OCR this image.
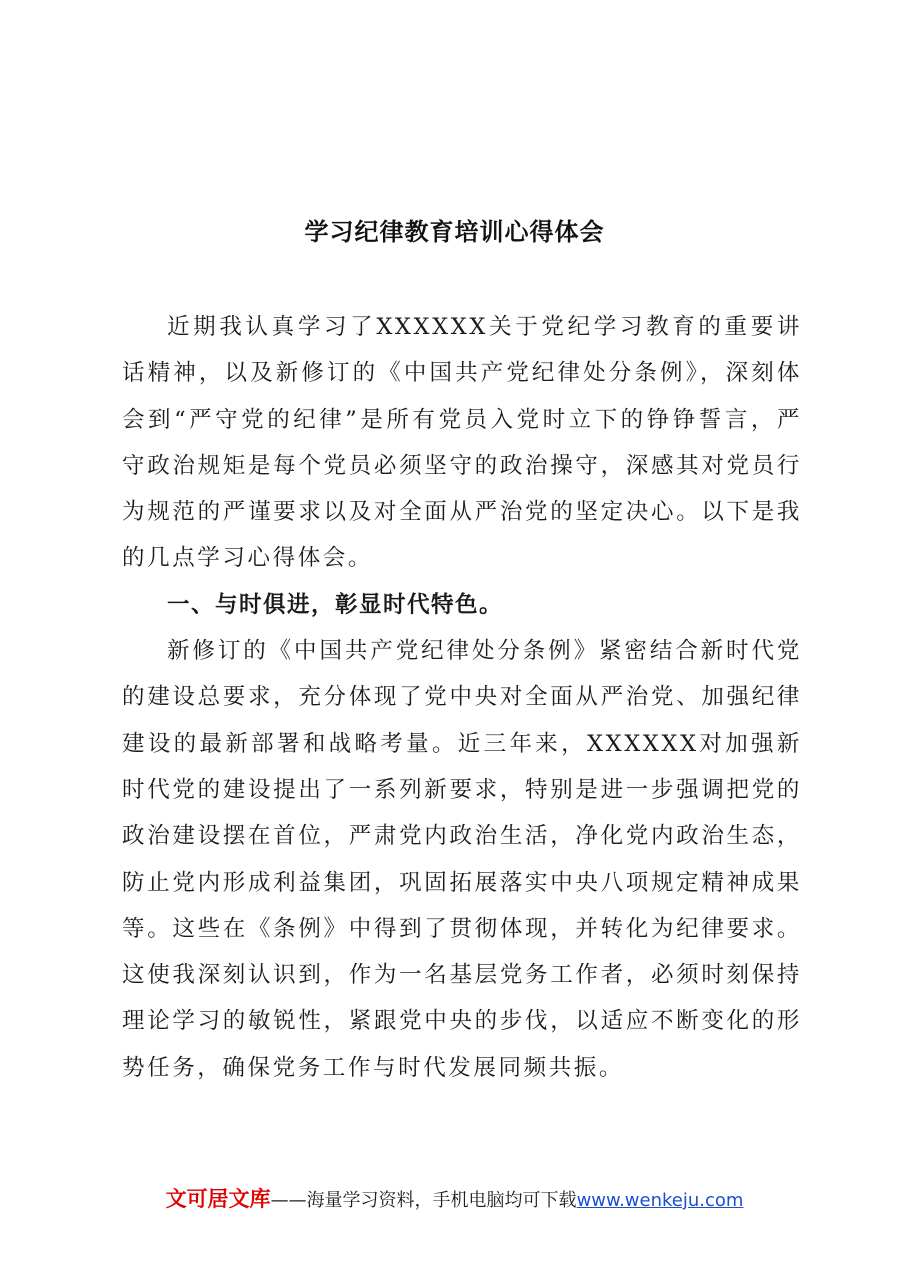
学习纪律教育培训心得体会

近期我认真学习了XXXXXX关于党纪学习教育的重要讲话精神，以及新修订的《中国共产党纪律处分条例》，深刻体会到“严守党的纪律”是所有党员入党时立下的铮铮誓言，严守政治规矩是每个党员必须坚守的政治操守，深感其对党员行为规范的严谨要求以及对全面从严治党的坚定决心。以下是我的几点学习心得体会。

一、与时俱进，彰显时代特色。

新修订的《中国共产党纪律处分条例》紧密结合新时代党的建设总要求，充分体现了党中央对全面从严治党、加强纪律建设的最新部署和战略考量。近三年来，XXXXXX对加强新时代党的建设提出了一系列新要求，特别是进一步强调把党的政治建设摆在首位，严肃党内政治生活，净化党内政治生态，防止党内形成利益集团，巩固拓展落实中央八项规定精神成果等。这些在《条例》中得到了贯彻体现，并转化为纪律要求。这使我深刻认识到，作为一名基层党务工作者，必须时刻保持理论学习的敏锐性，紧跟党中央的步伐，以适应不断变化的形势任务，确保党务工作与时代发展同频共振。

文可居文库——海量学习资料，手机电脑均可下载www.wenkeju.com
